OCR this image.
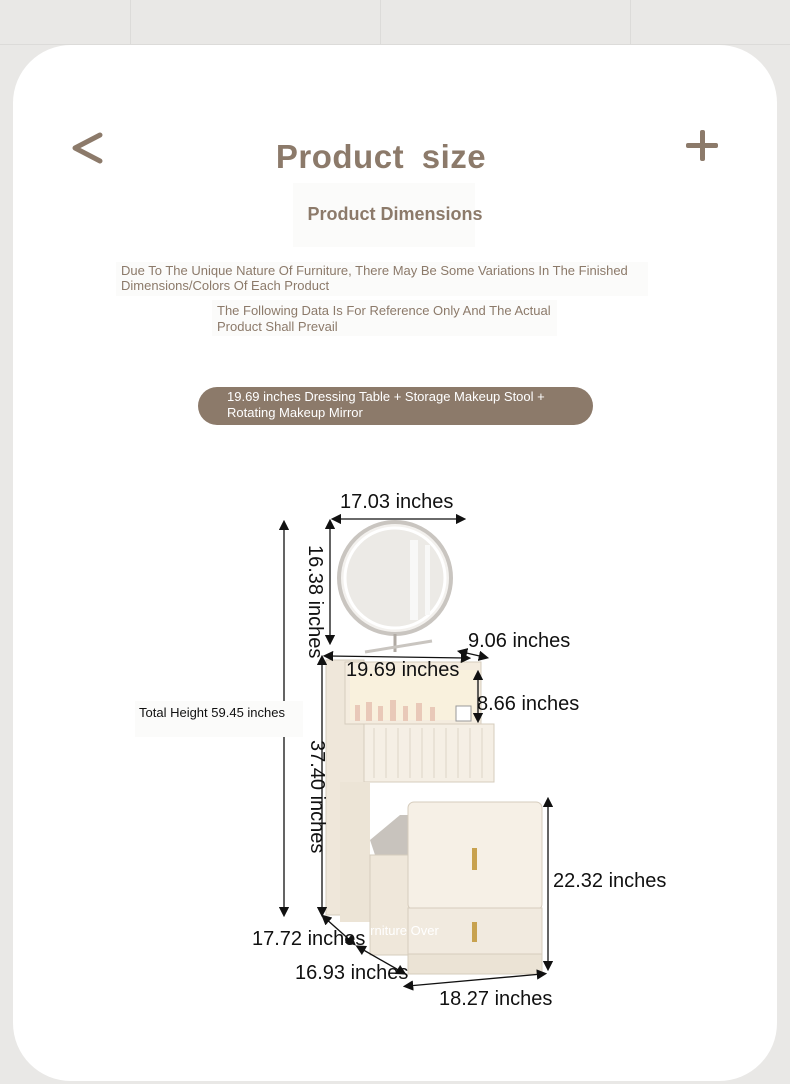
Product size
Product Dimensions
Due To The Unique Nature Of Furniture, There May Be Some Variations In The Finished Dimensions/Colors Of Each Product
The Following Data Is For Reference Only And The Actual Product Shall Prevail
19.69 inches Dressing Table + Storage Makeup Stool + Rotating Makeup Mirror
17.03 inches
16.38 inches	9.06 inches
19.69 inches
8.66 inches
Total Height 59.45 inches
37.40 inches
22.32 inches
17.72 inches
Furniture Over
16.93 inches
18.27 inches
